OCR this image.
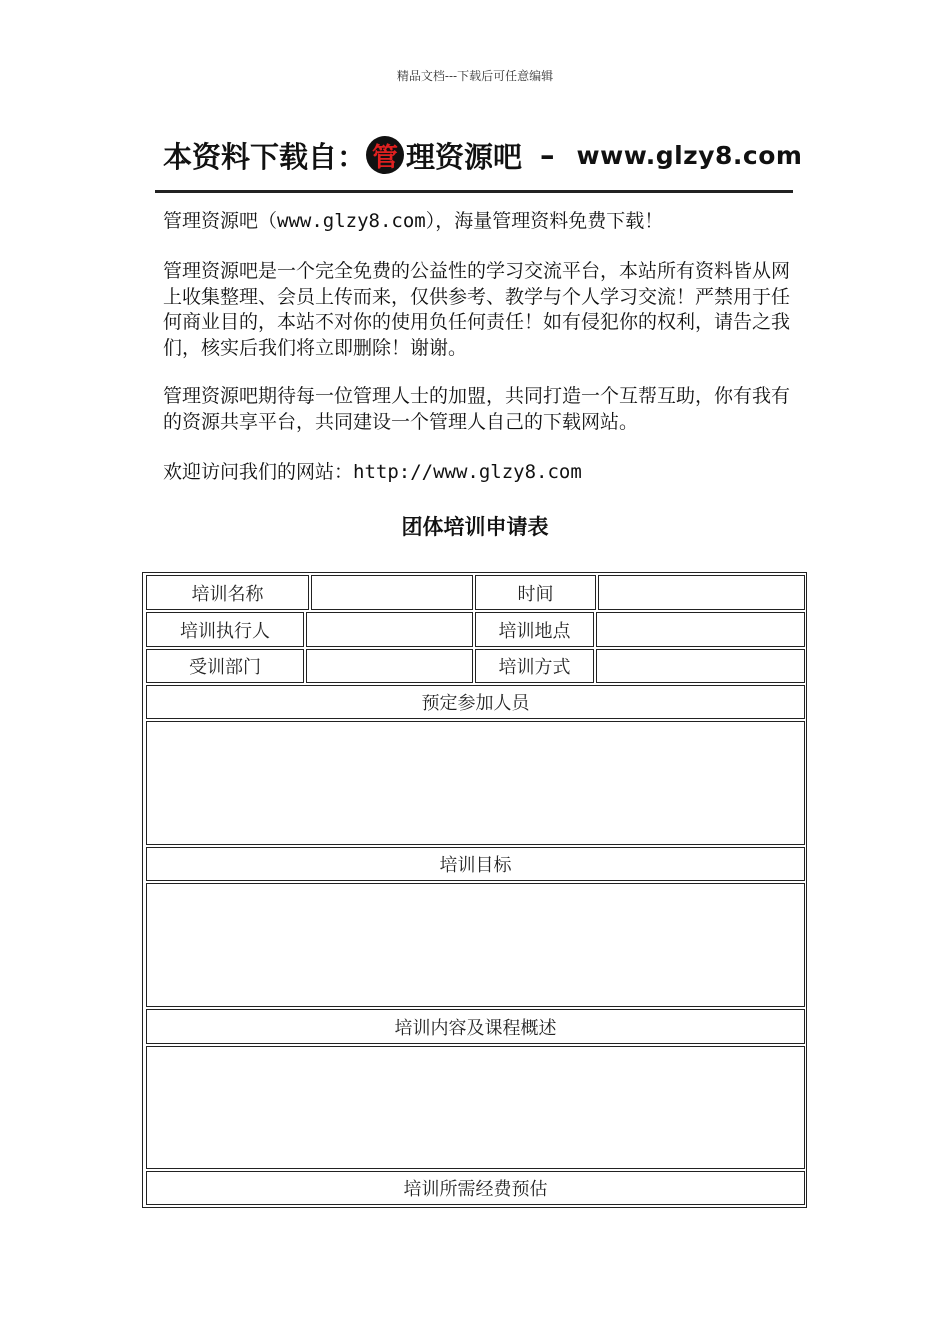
精品文档---下载后可任意编辑
本资料下载自： 管 理资源吧 – www.glzy8.com

管理资源吧（www.glzy8.com），海量管理资料免费下载！

管理资源吧是一个完全免费的公益性的学习交流平台，本站所有资料皆从网上收集整理、会员上传而来，仅供参考、教学与个人学习交流！严禁用于任何商业目的，本站不对你的使用负任何责任！如有侵犯你的权利，请告之我们，核实后我们将立即删除！谢谢。

管理资源吧期待每一位管理人士的加盟，共同打造一个互帮互助，你有我有的资源共享平台，共同建设一个管理人自己的下载网站。

欢迎访问我们的网站：http://www.glzy8.com

团体培训申请表
培训名称	时间
培训执行人	培训地点
受训部门	培训方式
预定参加人员
培训目标
培训内容及课程概述
培训所需经费预估
